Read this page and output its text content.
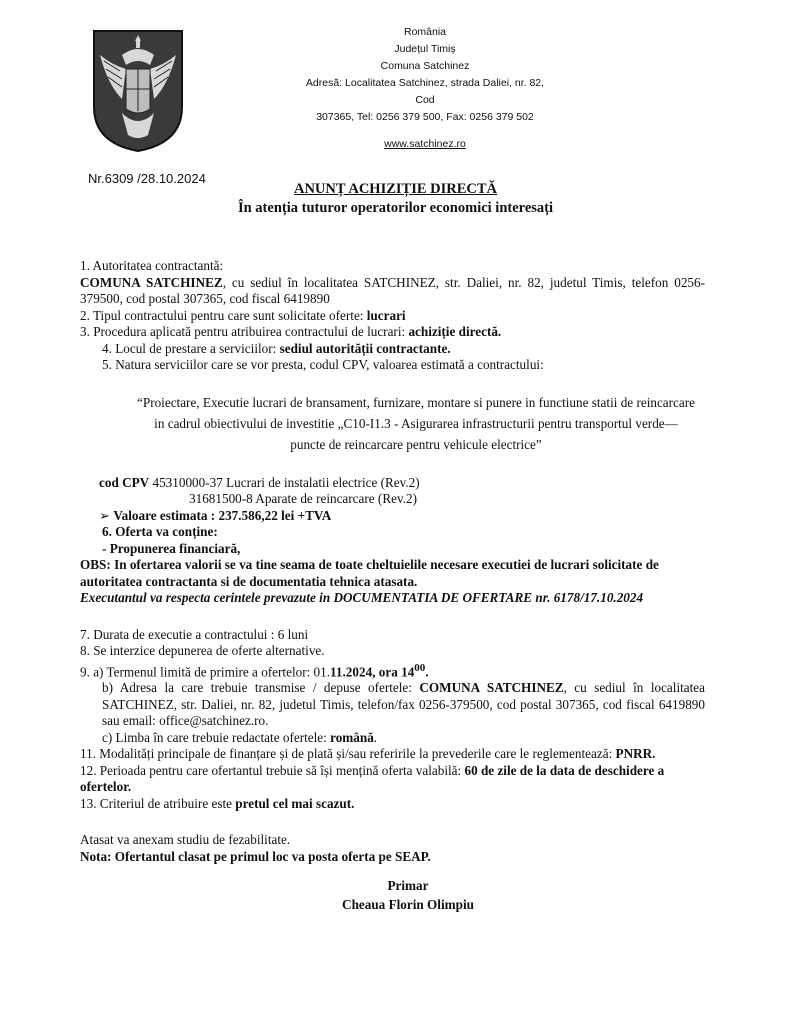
România
Județul Timiș
Comuna Satchinez
Adresă: Localitatea Satchinez, strada Daliei, nr. 82, Cod
307365, Tel: 0256 379 500, Fax: 0256 379 502
www.satchinez.ro
Nr.6309 /28.10.2024
ANUNȚ ACHIZIȚIE DIRECTĂ
În atenția tuturor operatorilor economici interesați
1. Autoritatea contractantă:
COMUNA SATCHINEZ, cu sediul în localitatea SATCHINEZ, str. Daliei, nr. 82, judetul Timis, telefon 0256-379500, cod postal 307365, cod fiscal 6419890
2. Tipul contractului pentru care sunt solicitate oferte: lucrari
3. Procedura aplicată pentru atribuirea contractului de lucrari: achiziție directă.
4. Locul de prestare a serviciilor: sediul autorității contractante.
5. Natura serviciilor care se vor presta, codul CPV, valoarea estimată a contractului:
“Proiectare, Executie lucrari de bransament, furnizare, montare si punere in functiune statii de reincarcare in cadrul obiectivului de investitie „C10-I1.3 - Asigurarea infrastructurii pentru transportul verde— puncte de reincarcare pentru vehicule electrice”
cod CPV 45310000-37 Lucrari de instalatii electrice (Rev.2)
31681500-8 Aparate de reincarcare (Rev.2)
➢ Valoare estimata : 237.586,22 lei +TVA
6. Oferta va conține:
- Propunerea financiară,
OBS: In ofertarea valorii se va tine seama de toate cheltuielile necesare executiei de lucrari solicitate de autoritatea contractanta si de documentatia tehnica atasata.
Executantul va respecta cerintele prevazute in DOCUMENTATIA DE OFERTARE nr. 6178/17.10.2024
7. Durata de executie a contractului : 6 luni
8. Se interzice depunerea de oferte alternative.
9. a) Termenul limită de primire a ofertelor: 01.11.2024, ora $14^{00}$.
b) Adresa la care trebuie transmise / depuse ofertele: COMUNA SATCHINEZ, cu sediul în localitatea SATCHINEZ, str. Daliei, nr. 82, judetul Timis, telefon/fax 0256-379500, cod postal 307365, cod fiscal 6419890 sau email: office@satchinez.ro.
c) Limba în care trebuie redactate ofertele: română.
11. Modalități principale de finanțare și de plată și/sau referirile la prevederile care le reglementează: PNRR.
12. Perioada pentru care ofertantul trebuie să își mențină oferta valabilă: 60 de zile de la data de deschidere a ofertelor.
13. Criteriul de atribuire este pretul cel mai scazut.
Atasat va anexam studiu de fezabilitate.
Nota: Ofertantul clasat pe primul loc va posta oferta pe SEAP.
Primar
Cheaua Florin Olimpiu
